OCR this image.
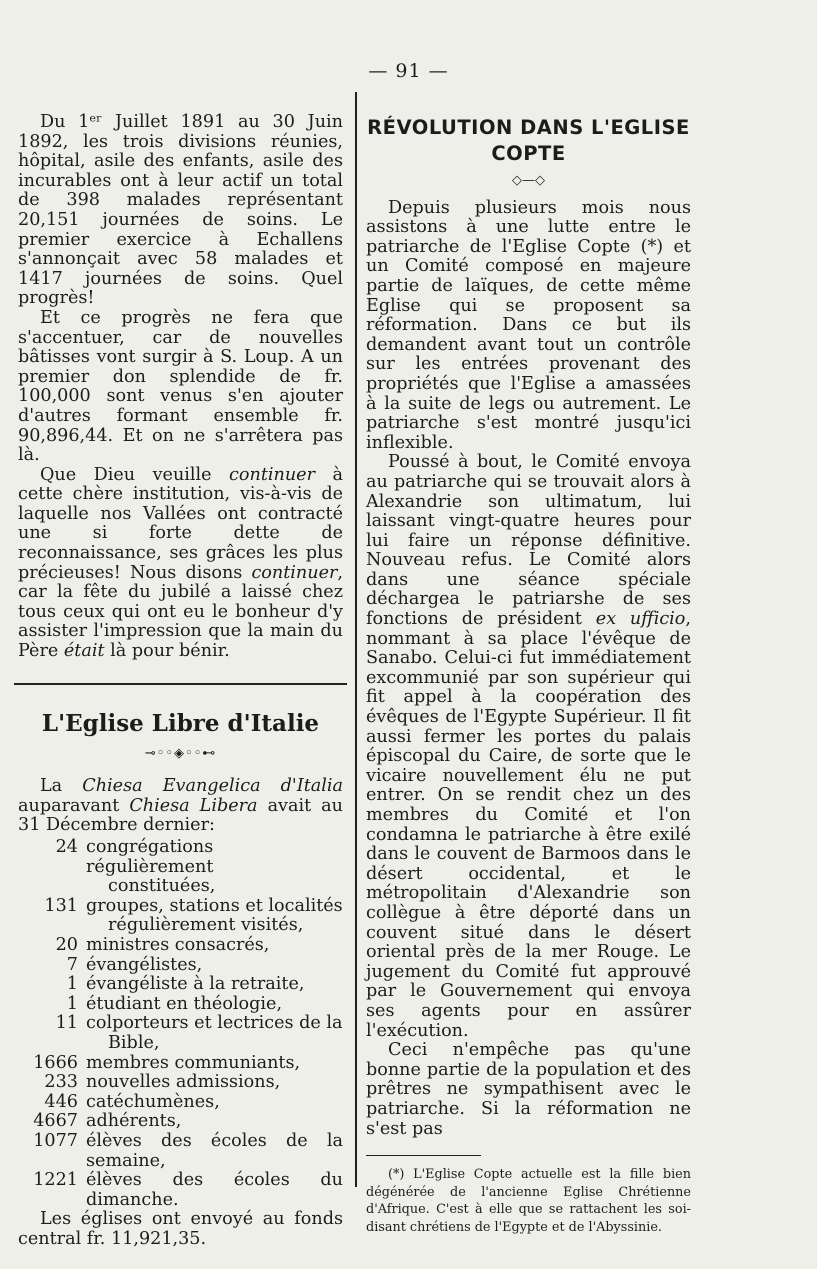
— 91 —

Du 1ᵉʳ Juillet 1891 au 30 Juin 1892, les trois divisions réunies, hôpital, asile des enfants, asile des incurables ont à leur actif un total de 398 malades représentant 20,151 journées de soins. Le premier exercice à Echallens s'annonçait avec 58 malades et 1417 journées de soins. Quel progrès!

Et ce progrès ne fera que s'accentuer, car de nouvelles bâtisses vont surgir à S. Loup. A un premier don splendide de fr. 100,000 sont venus s'en ajouter d'autres formant ensemble fr. 90,896,44. Et on ne s'arrêtera pas là.

Que Dieu veuille continuer à cette chère institution, vis-à-vis de laquelle nos Vallées ont contracté une si forte dette de reconnaissance, ses grâces les plus précieuses! Nous disons continuer, car la fête du jubilé a laissé chez tous ceux qui ont eu le bonheur d'y assister l'impression que la main du Père était là pour bénir.

L'Eglise Libre d'Italie
⊸◦◦◈◦◦⊷

La Chiesa Evangelica d'Italia auparavant Chiesa Libera avait au 31 Décembre dernier:

24 congrégations régulièrement
constituées,
131 groupes, stations et localités
régulièrement visités,
20 ministres consacrés,
7 évangélistes,
1 évangéliste à la retraite,
1 étudiant en théologie,
11 colporteurs et lectrices de la
Bible,
1666 membres communiants,
233 nouvelles admissions,
446 catéchumènes,
4667 adhérents,
1077 élèves des écoles de la semaine,
1221 élèves des écoles du dimanche.

Les églises ont envoyé au fonds central fr. 11,921,35.

RÉVOLUTION DANS L'EGLISE COPTE
◇—◇

Depuis plusieurs mois nous assistons à une lutte entre le patriarche de l'Eglise Copte (*) et un Comité composé en majeure partie de laïques, de cette même Eglise qui se proposent sa réformation. Dans ce but ils demandent avant tout un contrôle sur les entrées provenant des propriétés que l'Eglise a amassées à la suite de legs ou autrement. Le patriarche s'est montré jusqu'ici inflexible.

Poussé à bout, le Comité envoya au patriarche qui se trouvait alors à Alexandrie son ultimatum, lui laissant vingt-quatre heures pour lui faire un réponse définitive. Nouveau refus. Le Comité alors dans une séance spéciale déchargea le patriarshe de ses fonctions de président ex ufficio, nommant à sa place l'évêque de Sanabo. Celui-ci fut immédiatement excommunié par son supérieur qui fit appel à la coopération des évêques de l'Egypte Supérieur. Il fit aussi fermer les portes du palais épiscopal du Caire, de sorte que le vicaire nouvellement élu ne put entrer. On se rendit chez un des membres du Comité et l'on condamna le patriarche à être exilé dans le couvent de Barmoos dans le désert occidental, et le métropolitain d'Alexandrie son collègue à être déporté dans un couvent situé dans le désert oriental près de la mer Rouge. Le jugement du Comité fut approuvé par le Gouvernement qui envoya ses agents pour en assûrer l'exécution.

Ceci n'empêche pas qu'une bonne partie de la population et des prêtres ne sympathisent avec le patriarche. Si la réformation ne s'est pas

(*) L'Eglise Copte actuelle est la fille bien dégénérée de l'ancienne Eglise Chrétienne d'Afrique. C'est à elle que se rattachent les soi-disant chrétiens de l'Egypte et de l'Abyssinie.
